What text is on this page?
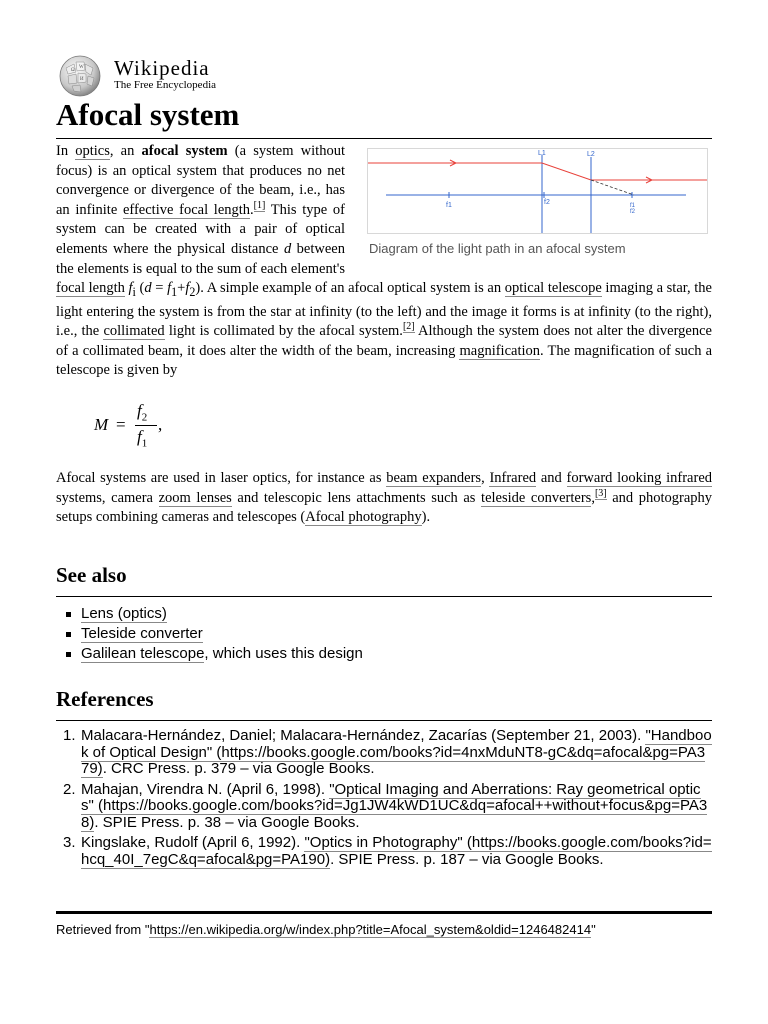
Ω
W
И Wikipedia
The Free Encyclopedia
Afocal system
L1	L2
f1	f2	f1
f2
Diagram of the light path in an afocal system

In optics, an afocal system (a system without focus) is an optical system that produces no net convergence or divergence of the beam, i.e., has an infinite effective focal length.[1] This type of system can be created with a pair of optical elements where the physical distance d between the elements is equal to the sum of each element's focal length $f_i$ $(d = f_1+f_2)$. A simple example of an afocal optical system is an optical telescope imaging a star, the light entering the system is from the star at infinity (to the left) and the image it forms is at infinity (to the right), i.e., the collimated light is collimated by the afocal system.[2] Although the system does not alter the divergence of a collimated beam, it does alter the width of the beam, increasing magnification. The magnification of such a telescope is given by

M =
$f_2$
$f_1$
,

Afocal systems are used in laser optics, for instance as beam expanders, Infrared and forward looking infrared systems, camera zoom lenses and telescopic lens attachments such as teleside converters,[3] and photography setups combining cameras and telescopes (Afocal photography).

See also
Lens (optics)
Teleside converter
Galilean telescope, which uses this design
References
1. Malacara-Hernández, Daniel; Malacara-Hernández, Zacarías (September 21, 2003). "Handbook of Optical Design" (https://books.google.com/books?id=4nxMduNT8-gC&dq=afocal&pg=PA379). CRC Press. p. 379 – via Google Books.
2. Mahajan, Virendra N. (April 6, 1998). "Optical Imaging and Aberrations: Ray geometrical optics" (https://books.google.com/books?id=Jg1JW4kWD1UC&dq=afocal++without+focus&pg=PA38). SPIE Press. p. 38 – via Google Books.
3. Kingslake, Rudolf (April 6, 1992). "Optics in Photography" (https://books.google.com/books?id=hcq_40I_7egC&q=afocal&pg=PA190). SPIE Press. p. 187 – via Google Books.
Retrieved from "https://en.wikipedia.org/w/index.php?title=Afocal_system&oldid=1246482414"
